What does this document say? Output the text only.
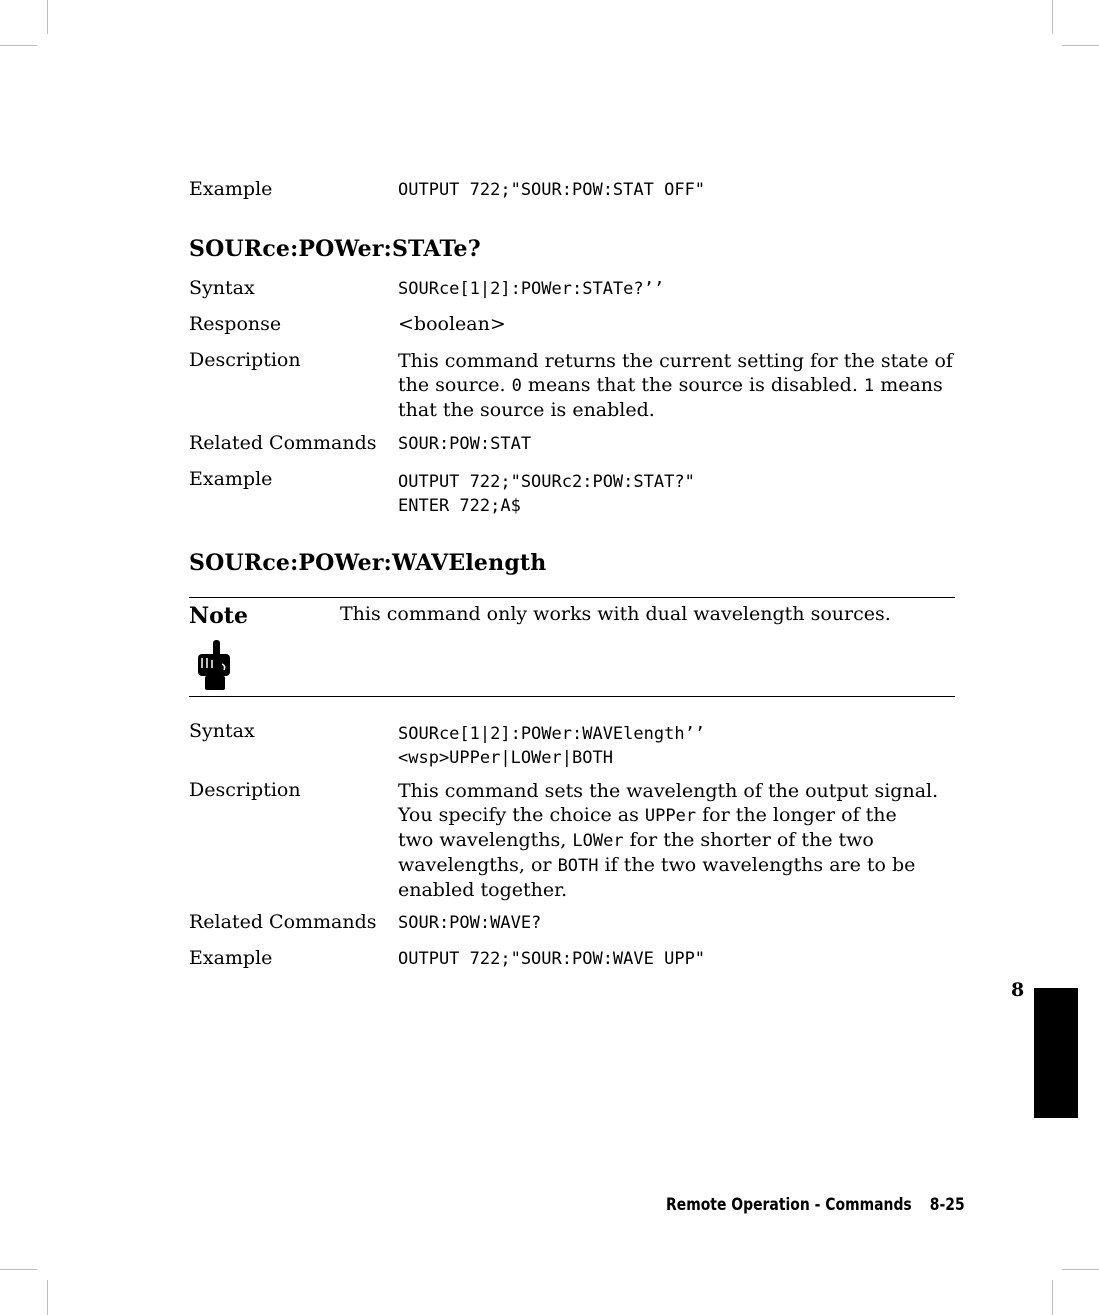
Example	OUTPUT 722;"SOUR:POW:STAT OFF"
SOURce:POWer:STATe?
Syntax	SOURce[1|2]:POWer:STATe?’’
Response	<boolean>
Description	This command returns the current setting for the state of
the source. 0 means that the source is disabled. 1 means
that the source is enabled.
Related Commands SOUR:POW:STAT
Example	OUTPUT 722;"SOURc2:POW:STAT?"
ENTER 722;A$
SOURce:POWer:WAVElength
Note	This command only works with dual wavelength sources.
Syntax	SOURce[1|2]:POWer:WAVElength’’
<wsp>UPPer|LOWer|BOTH
Description	This command sets the wavelength of the output signal.
You specify the choice as UPPer for the longer of the
two wavelengths, LOWer for the shorter of the two
wavelengths, or BOTH if the two wavelengths are to be
enabled together.
Related Commands SOUR:POW:WAVE?
Example	OUTPUT 722;"SOUR:POW:WAVE UPP"
8
Remote Operation - Commands 8-25
